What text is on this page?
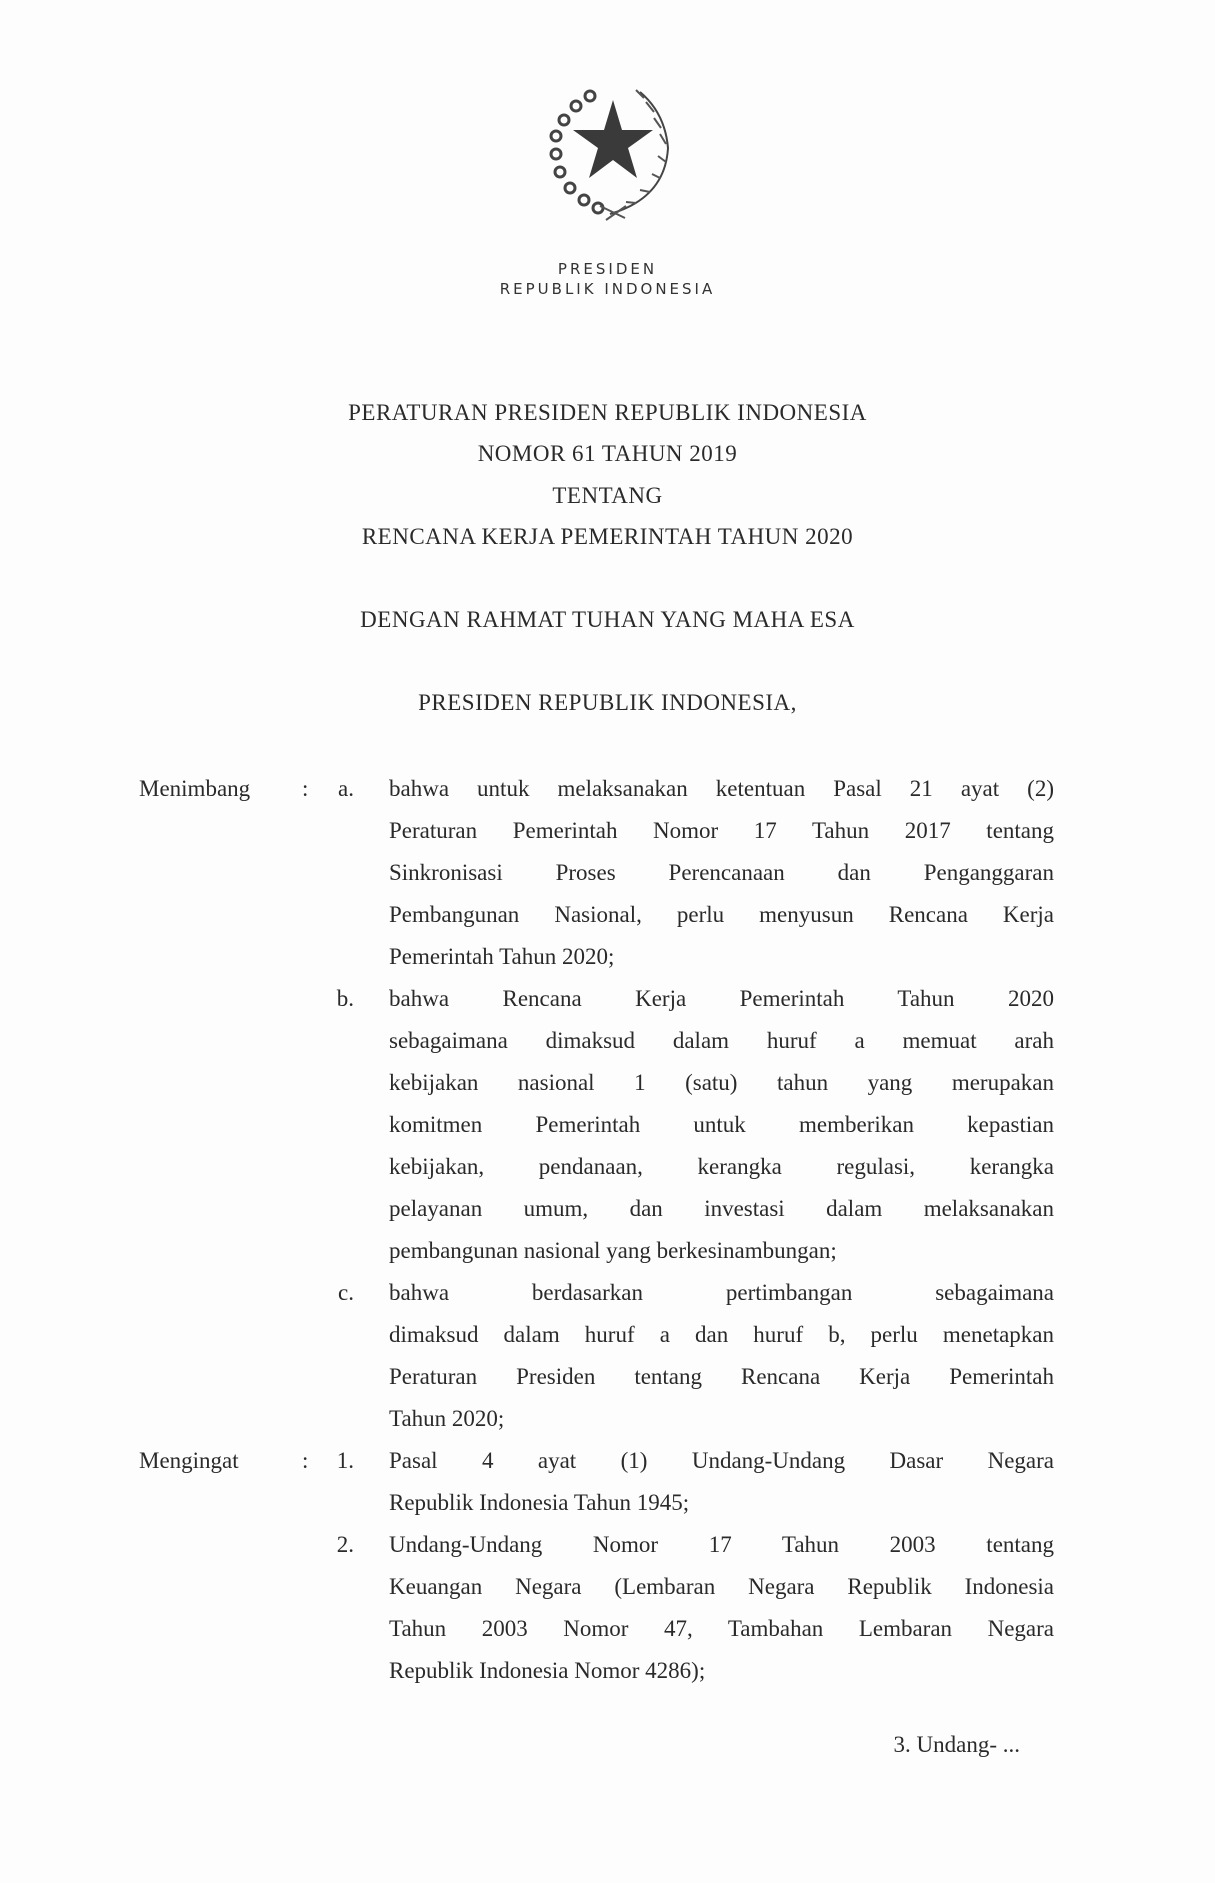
PRESIDEN
REPUBLIK INDONESIA
PERATURAN PRESIDEN REPUBLIK INDONESIA
NOMOR 61 TAHUN 2019
TENTANG
RENCANA KERJA PEMERINTAH TAHUN 2020
DENGAN RAHMAT TUHAN YANG MAHA ESA
PRESIDEN REPUBLIK INDONESIA,
Menimbang :	a. bahwa untuk melaksanakan ketentuan Pasal 21 ayat (2)
Peraturan Pemerintah Nomor 17 Tahun 2017 tentang
Sinkronisasi Proses Perencanaan dan Penganggaran
Pembangunan Nasional, perlu menyusun Rencana Kerja
Pemerintah Tahun 2020;
b. bahwa Rencana Kerja Pemerintah Tahun 2020
sebagaimana dimaksud dalam huruf a memuat arah
kebijakan nasional 1 (satu) tahun yang merupakan
komitmen Pemerintah untuk memberikan kepastian
kebijakan, pendanaan, kerangka regulasi, kerangka
pelayanan umum, dan investasi dalam melaksanakan
pembangunan nasional yang berkesinambungan;
c. bahwa berdasarkan pertimbangan sebagaimana
dimaksud dalam huruf a dan huruf b, perlu menetapkan
Peraturan Presiden tentang Rencana Kerja Pemerintah
Tahun 2020;
Mengingat	:	1. Pasal 4 ayat (1) Undang-Undang Dasar Negara
Republik Indonesia Tahun 1945;
2. Undang-Undang Nomor 17 Tahun 2003 tentang
Keuangan Negara (Lembaran Negara Republik Indonesia
Tahun 2003 Nomor 47, Tambahan Lembaran Negara
Republik Indonesia Nomor 4286);
3. Undang- ...
